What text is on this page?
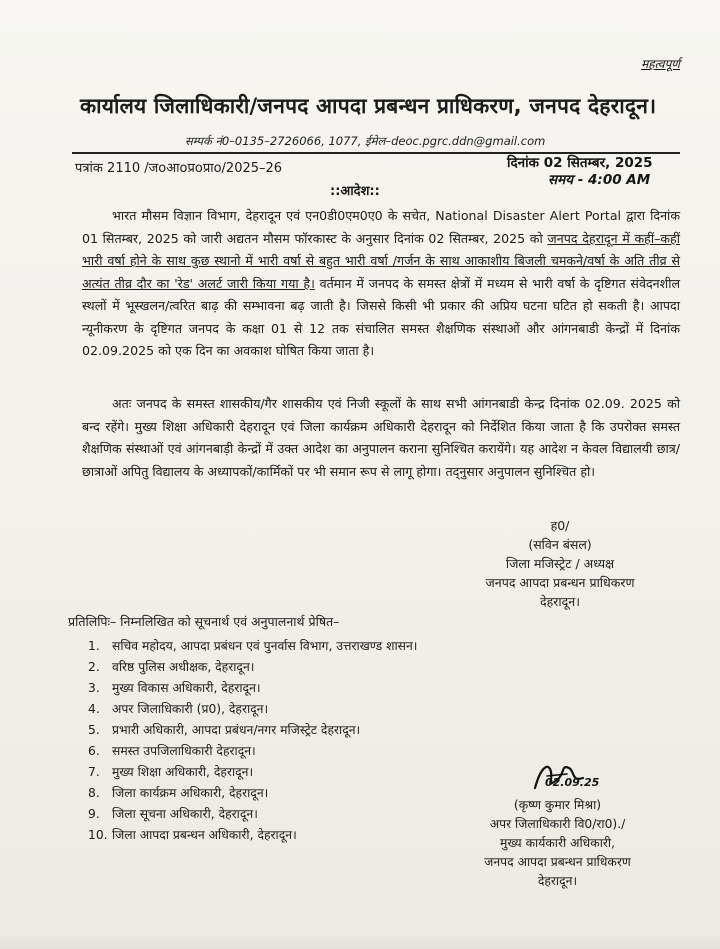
महत्वपूर्ण
कार्यालय जिलाधिकारी/जनपद आपदा प्रबन्धन प्राधिकरण, जनपद देहरादून।
सम्पर्क नं0–0135–2726066, 1077, ईमेल–deoc.pgrc.ddn@gmail.com
पत्रांक 2110 /जoआoप्रoप्राo/2025–26	दिनांक 02 सितम्बर, 2025
समय - 4:00 AM
::आदेश::

भारत मौसम विज्ञान विभाग, देहरादून एवं एन0डी0एम0ए0 के सचेत, National Disaster Alert Portal द्वारा दिनांक 01 सितम्बर, 2025 को जारी अद्यतन मौसम फॉरकास्ट के अनुसार दिनांक 02 सितम्बर, 2025 को जनपद देहरादून में कहीं–कहीं भारी वर्षा होने के साथ कुछ स्थानो में भारी वर्षा से बहुत भारी वर्षा /गर्जन के साथ आकाशीय बिजली चमकने/वर्षा के अति तीव्र से अत्यंत तीव्र दौर का 'रेड' अलर्ट जारी किया गया है। वर्तमान में जनपद के समस्त क्षेत्रों में मध्यम से भारी वर्षा के दृष्टिगत संवेदनशील स्थलों में भूस्खलन/त्वरित बाढ़ की सम्भावना बढ़ जाती है। जिससे किसी भी प्रकार की अप्रिय घटना घटित हो सकती है। आपदा न्यूनीकरण के दृष्टिगत जनपद के कक्षा 01 से 12 तक संचालित समस्त शैक्षणिक संस्थाओं और आंगनबाडी केन्द्रों में दिनांक 02.09.2025 को एक दिन का अवकाश घोषित किया जाता है।

अतः जनपद के समस्त शासकीय/गैर शासकीय एवं निजी स्कूलों के साथ सभी आंगनबाडी केन्द्र दिनांक 02.09. 2025 को बन्द रहेंगे। मुख्य शिक्षा अधिकारी देहरादून एवं जिला कार्यक्रम अधिकारी देहरादून को निर्देशित किया जाता है कि उपरोक्त समस्त शैक्षणिक संस्थाओं एवं आंगनबाड़ी केन्द्रों में उक्त आदेश का अनुपालन कराना सुनिश्चित करायेंगे। यह आदेश न केवल विद्यालयी छात्र/छात्राओं अपितु विद्यालय के अध्यापकों/कार्मिकों पर भी समान रूप से लागू होगा। तद्नुसार अनुपालन सुनिश्चित हो।

ह0/
(सविन बंसल)
जिला मजिस्ट्रेट / अध्यक्ष
जनपद आपदा प्रबन्धन प्राधिकरण
देहरादून।
प्रतिलिपिः– निम्नलिखित को सूचनार्थ एवं अनुपालनार्थ प्रेषित–
1. सचिव महोदय, आपदा प्रबंधन एवं पुनर्वास विभाग, उत्तराखण्ड शासन।
2. वरिष्ठ पुलिस अधीक्षक, देहरादून।
3. मुख्य विकास अधिकारी, देहरादून।
4. अपर जिलाधिकारी (प्र0), देहरादून।
5. प्रभारी अधिकारी, आपदा प्रबंधन/नगर मजिस्ट्रेट देहरादून।
6. समस्त उपजिलाधिकारी देहरादून।
7. मुख्य शिक्षा अधिकारी, देहरादून।
8. जिला कार्यक्रम अधिकारी, देहरादून।
9. जिला सूचना अधिकारी, देहरादून।
10. जिला आपदा प्रबन्धन अधिकारी, देहरादून।
02.09.25
(कृष्ण कुमार मिश्रा)
अपर जिलाधिकारी वि0/रा0)./
मुख्य कार्यकारी अधिकारी,
जनपद आपदा प्रबन्धन प्राधिकरण
देहरादून।
